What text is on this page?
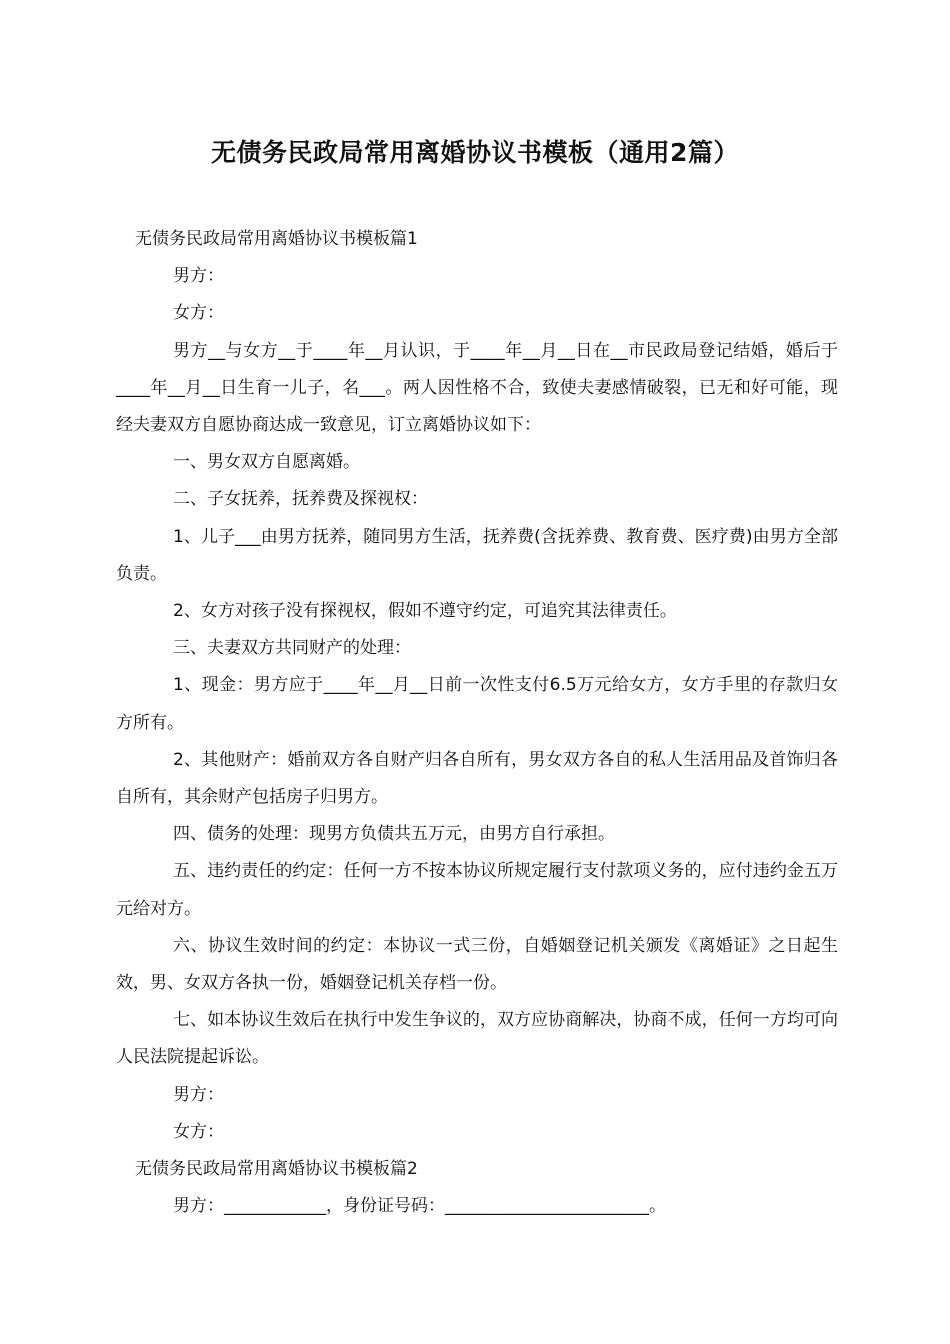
无债务民政局常用离婚协议书模板（通用2篇）

无债务民政局常用离婚协议书模板篇1

男方：

女方：

男方__与女方__于____年__月认识，于____年__月__日在__市民政局登记结婚，婚后于____年__月__日生育一儿子，名___。两人因性格不合，致使夫妻感情破裂，已无和好可能，现经夫妻双方自愿协商达成一致意见，订立离婚协议如下：

一、男女双方自愿离婚。

二、子女抚养，抚养费及探视权：

1、儿子___由男方抚养，随同男方生活，抚养费(含抚养费、教育费、医疗费)由男方全部负责。

2、女方对孩子没有探视权，假如不遵守约定，可追究其法律责任。

三、夫妻双方共同财产的处理：

1、现金：男方应于____年__月__日前一次性支付6.5万元给女方，女方手里的存款归女方所有。

2、其他财产：婚前双方各自财产归各自所有，男女双方各自的私人生活用品及首饰归各自所有，其余财产包括房子归男方。

四、债务的处理：现男方负债共五万元，由男方自行承担。

五、违约责任的约定：任何一方不按本协议所规定履行支付款项义务的，应付违约金五万元给对方。

六、协议生效时间的约定：本协议一式三份，自婚姻登记机关颁发《离婚证》之日起生效，男、女双方各执一份，婚姻登记机关存档一份。

七、如本协议生效后在执行中发生争议的，双方应协商解决，协商不成，任何一方均可向人民法院提起诉讼。

男方：

女方：

无债务民政局常用离婚协议书模板篇2

男方：____________，身份证号码：________________________。
